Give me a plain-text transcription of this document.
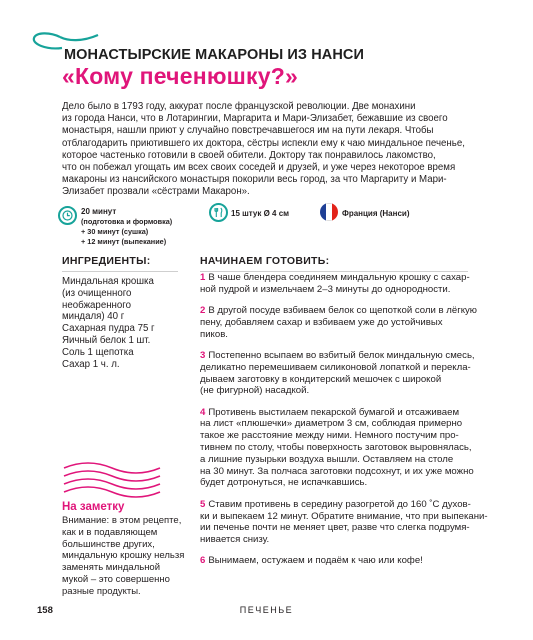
МОНАСТЫРСКИЕ МАКАРОНЫ ИЗ НАНСИ
«Кому печенюшку?»

Дело было в 1793 году, аккурат после французской революции. Две монахини

из города Нанси, что в Лотарингии, Маргарита и Мари-Элизабет, бежавшие из своего

монастыря, нашли приют у случайно повстречавшегося им на пути лекаря. Чтобы

отблагодарить приютившего их доктора, сёстры испекли ему к чаю миндальное печенье,

которое частенько готовили в своей обители. Доктору так понравилось лакомство,

что он побежал угощать им всех своих соседей и друзей, и уже через некоторое время

макароны из нансийского монастыря покорили весь город, за что Маргариту и Мари-

Элизабет прозвали «сёстрами Макарон».

20 минут
(подготовка и формовка)
+ 30 минут (сушка)
+ 12 минут (выпекание)
15 штук Ø 4 см	Франция (Нанси)
ИНГРЕДИЕНТЫ:
Миндальная крошка
(из очищенного
необжаренного
миндаля) 40 г
Сахарная пудра 75 г
Яичный белок 1 шт.
Соль 1 щепотка
Сахар 1 ч. л.
НАЧИНАЕМ ГОТОВИТЬ:
1 В чаше блендера соединяем миндальную крошку с сахар-
ной пудрой и измельчаем 2–3 минуты до однородности.
2 В другой посуде взбиваем белок со щепоткой соли в лёгкую
пену, добавляем сахар и взбиваем уже до устойчивых
пиков.
3 Постепенно всыпаем во взбитый белок миндальную смесь,
деликатно перемешиваем силиконовой лопаткой и перекла-
дываем заготовку в кондитерский мешочек с широкой
(не фигурной) насадкой.
4 Противень выстилаем пекарской бумагой и отсаживаем
на лист «плюшечки» диаметром 3 см, соблюдая примерно
такое же расстояние между ними. Немного постучим про-
тивнем по столу, чтобы поверхность заготовок выровнялась,
а лишние пузырьки воздуха вышли. Оставляем на столе
на 30 минут. За полчаса заготовки подсохнут, и их уже можно
будет дотронуться, не испачкавшись.
5 Ставим противень в середину разогретой до 160 ˚С духов-
ки и выпекаем 12 минут. Обратите внимание, что при выпекани-
ии печенье почти не меняет цвет, разве что слегка подрумя-
нивается снизу.
6 Вынимаем, остужаем и подаём к чаю или кофе!
На заметку
Внимание: в этом рецепте,
как и в подавляющем
большинстве других,
миндальную крошку нельзя
заменять миндальной
мукой – это совершенно
разные продукты.
158	ПЕЧЕНЬЕ
